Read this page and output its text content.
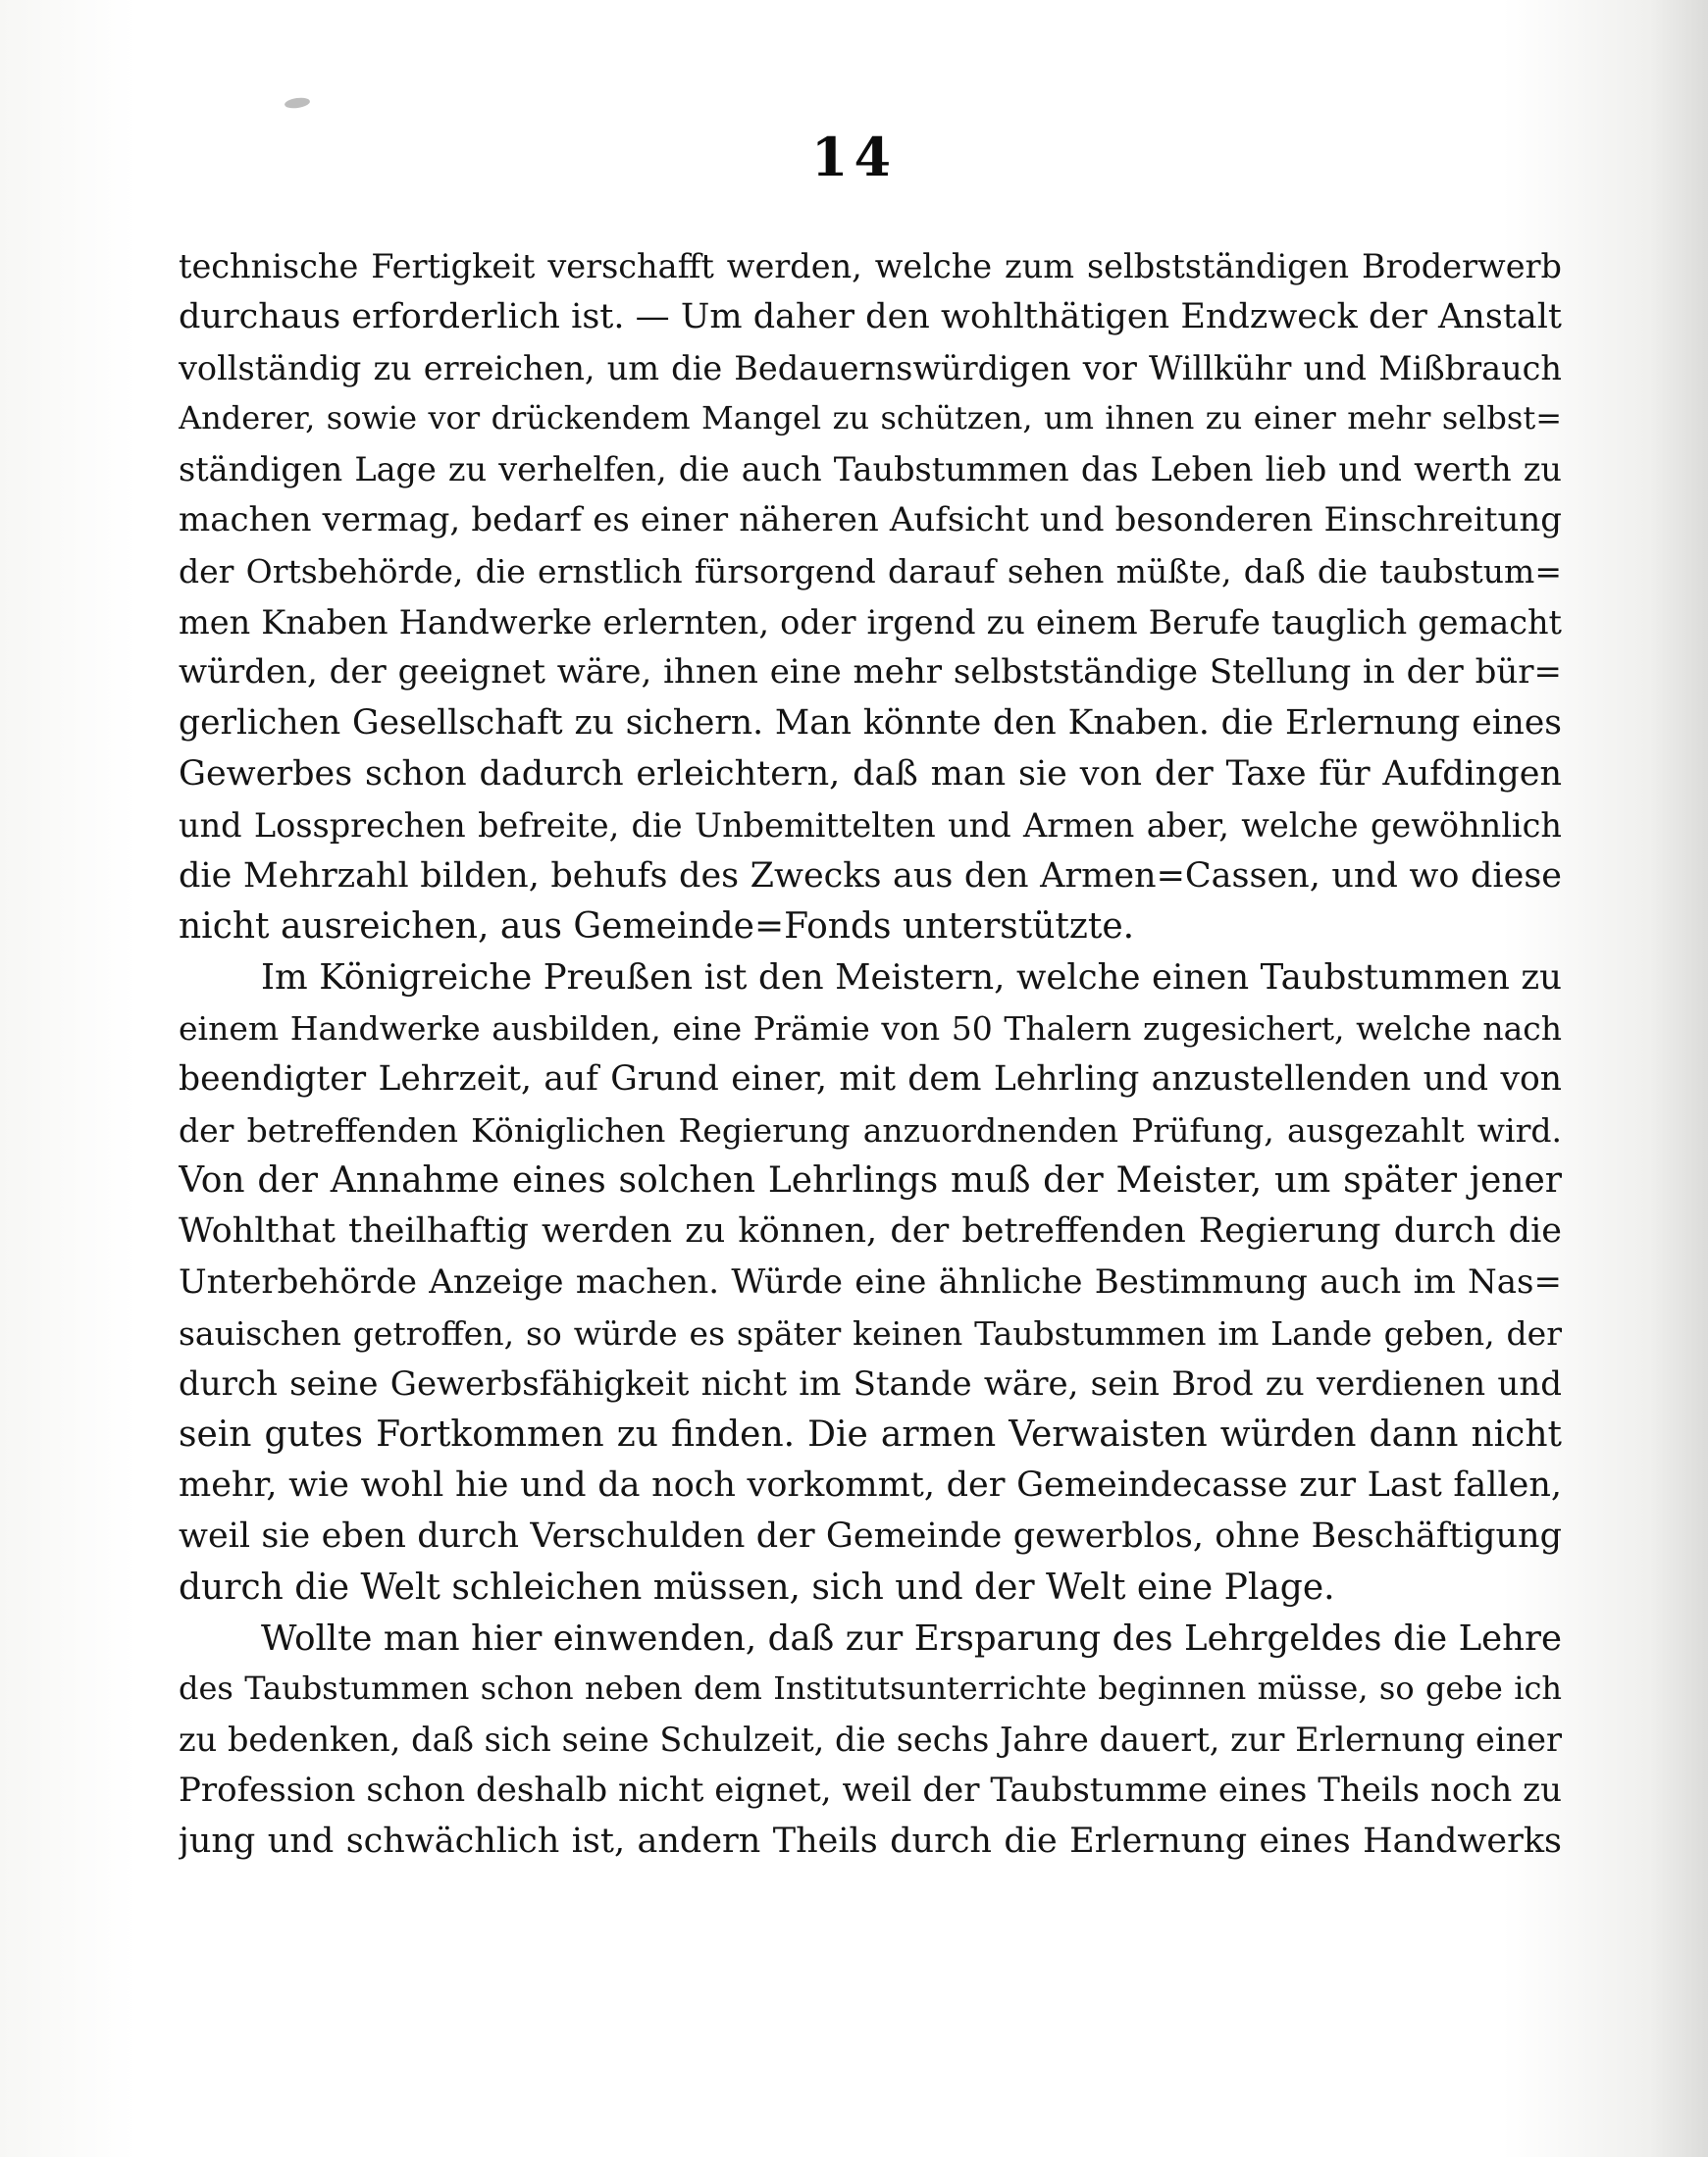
14
technische Fertigkeit verschafft werden, welche zum selbstständigen Broderwerb
durchaus erforderlich ist. — Um daher den wohlthätigen Endzweck der Anstalt
vollständig zu erreichen, um die Bedauernswürdigen vor Willkühr und Mißbrauch
Anderer, sowie vor drückendem Mangel zu schützen, um ihnen zu einer mehr selbst=
ständigen Lage zu verhelfen, die auch Taubstummen das Leben lieb und werth zu
machen vermag, bedarf es einer näheren Aufsicht und besonderen Einschreitung
der Ortsbehörde, die ernstlich fürsorgend darauf sehen müßte, daß die taubstum=
men Knaben Handwerke erlernten, oder irgend zu einem Berufe tauglich gemacht
würden, der geeignet wäre, ihnen eine mehr selbstständige Stellung in der bür=
gerlichen Gesellschaft zu sichern. Man könnte den Knaben. die Erlernung eines
Gewerbes schon dadurch erleichtern, daß man sie von der Taxe für Aufdingen
und Lossprechen befreite, die Unbemittelten und Armen aber, welche gewöhnlich
die Mehrzahl bilden, behufs des Zwecks aus den Armen=Cassen, und wo diese
nicht ausreichen, aus Gemeinde=Fonds unterstützte.
Im Königreiche Preußen ist den Meistern, welche einen Taubstummen zu
einem Handwerke ausbilden, eine Prämie von 50 Thalern zugesichert, welche nach
beendigter Lehrzeit, auf Grund einer, mit dem Lehrling anzustellenden und von
der betreffenden Königlichen Regierung anzuordnenden Prüfung, ausgezahlt wird.
Von der Annahme eines solchen Lehrlings muß der Meister, um später jener
Wohlthat theilhaftig werden zu können, der betreffenden Regierung durch die
Unterbehörde Anzeige machen. Würde eine ähnliche Bestimmung auch im Nas=
sauischen getroffen, so würde es später keinen Taubstummen im Lande geben, der
durch seine Gewerbsfähigkeit nicht im Stande wäre, sein Brod zu verdienen und
sein gutes Fortkommen zu finden. Die armen Verwaisten würden dann nicht
mehr, wie wohl hie und da noch vorkommt, der Gemeindecasse zur Last fallen,
weil sie eben durch Verschulden der Gemeinde gewerblos, ohne Beschäftigung
durch die Welt schleichen müssen, sich und der Welt eine Plage.
Wollte man hier einwenden, daß zur Ersparung des Lehrgeldes die Lehre
des Taubstummen schon neben dem Institutsunterrichte beginnen müsse, so gebe ich
zu bedenken, daß sich seine Schulzeit, die sechs Jahre dauert, zur Erlernung einer
Profession schon deshalb nicht eignet, weil der Taubstumme eines Theils noch zu
jung und schwächlich ist, andern Theils durch die Erlernung eines Handwerks
